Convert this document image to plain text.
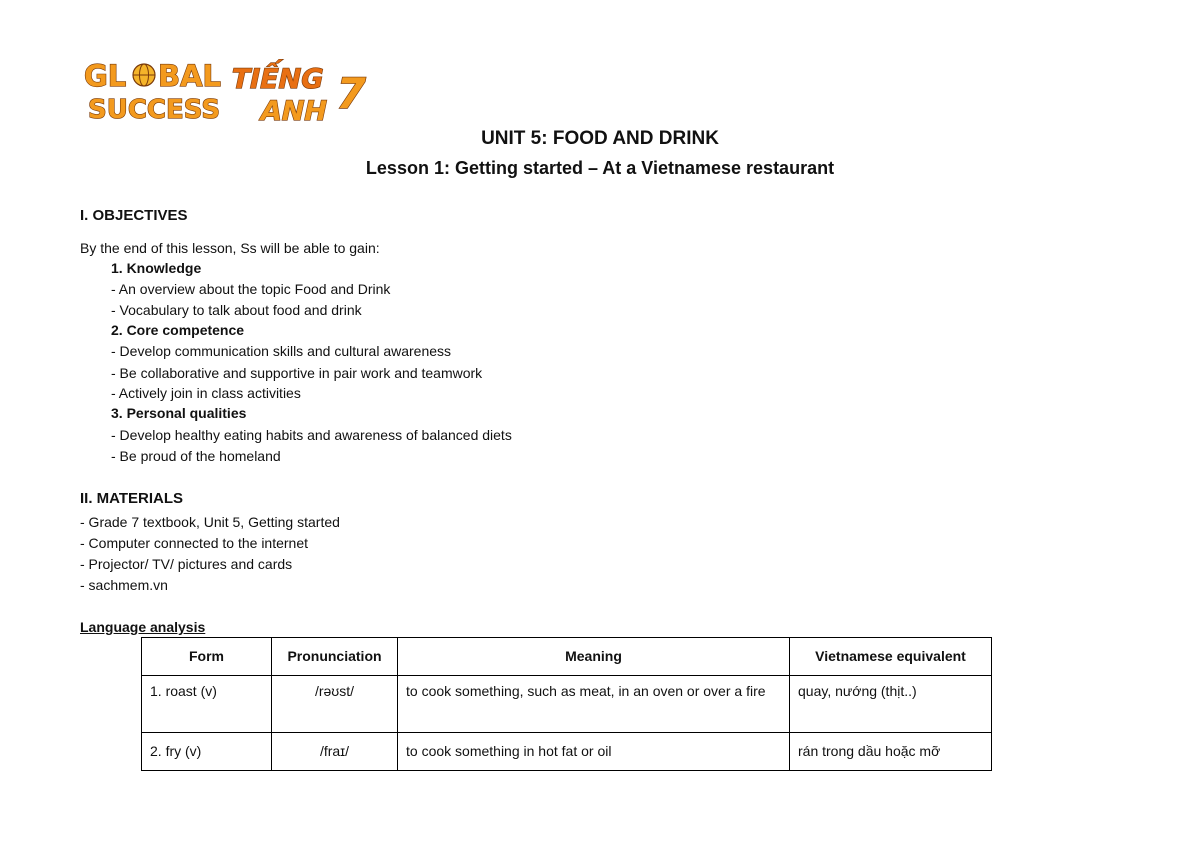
GL BAL
SUCCESS
TIẾNG
ANH 7
UNIT 5: FOOD AND DRINK
Lesson 1: Getting started – At a Vietnamese restaurant
I. OBJECTIVES
By the end of this lesson, Ss will be able to gain:
1. Knowledge
- An overview about the topic Food and Drink
- Vocabulary to talk about food and drink
2. Core competence
- Develop communication skills and cultural awareness
- Be collaborative and supportive in pair work and teamwork
- Actively join in class activities
3. Personal qualities
- Develop healthy eating habits and awareness of balanced diets
- Be proud of the homeland
II. MATERIALS
- Grade 7 textbook, Unit 5, Getting started
- Computer connected to the internet
- Projector/ TV/ pictures and cards
- sachmem.vn
Language analysis
Form	Pronunciation	Meaning	Vietnamese equivalent
1. roast (v)	/rəʊst/	to cook something, such as meat, in an oven or over a fire	quay, nướng (thịt..)
2. fry (v)	/fraɪ/	to cook something in hot fat or oil	rán trong dầu hoặc mỡ
